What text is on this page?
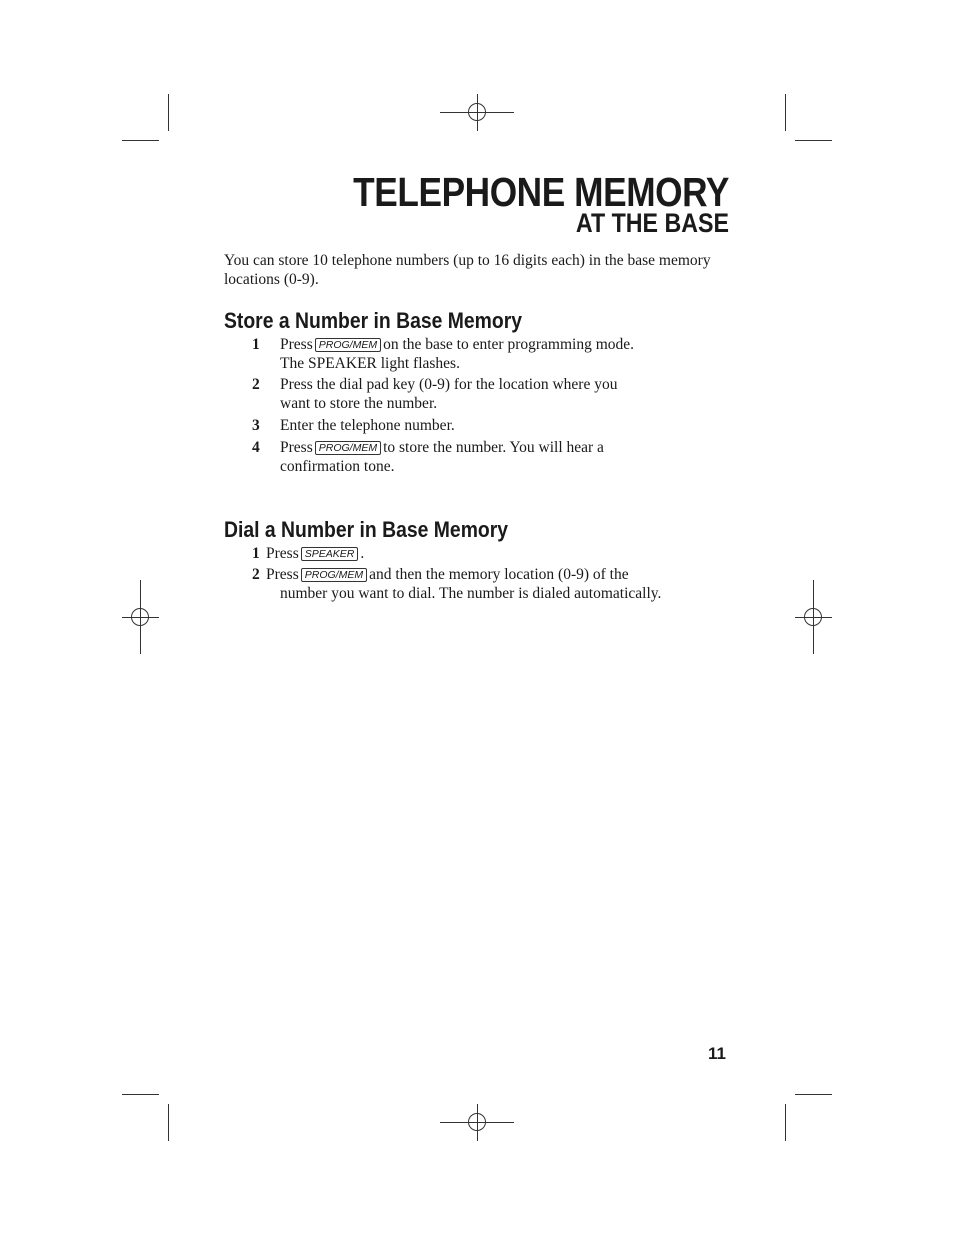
TELEPHONE MEMORY
AT THE BASE
You can store 10 telephone numbers (up to 16 digits each) in the base memory locations (0-9).
Store a Number in Base Memory
1 Press PROG/MEM on the base to enter programming mode.
The SPEAKER light flashes.
2 Press the dial pad key (0-9) for the location where you
want to store the number.
3 Enter the telephone number.
4 Press PROG/MEM to store the number. You will hear a
confirmation tone.
Dial a Number in Base Memory
1 Press SPEAKER .
2 Press PROG/MEM and then the memory location (0-9) of the
number you want to dial. The number is dialed automatically.
11
